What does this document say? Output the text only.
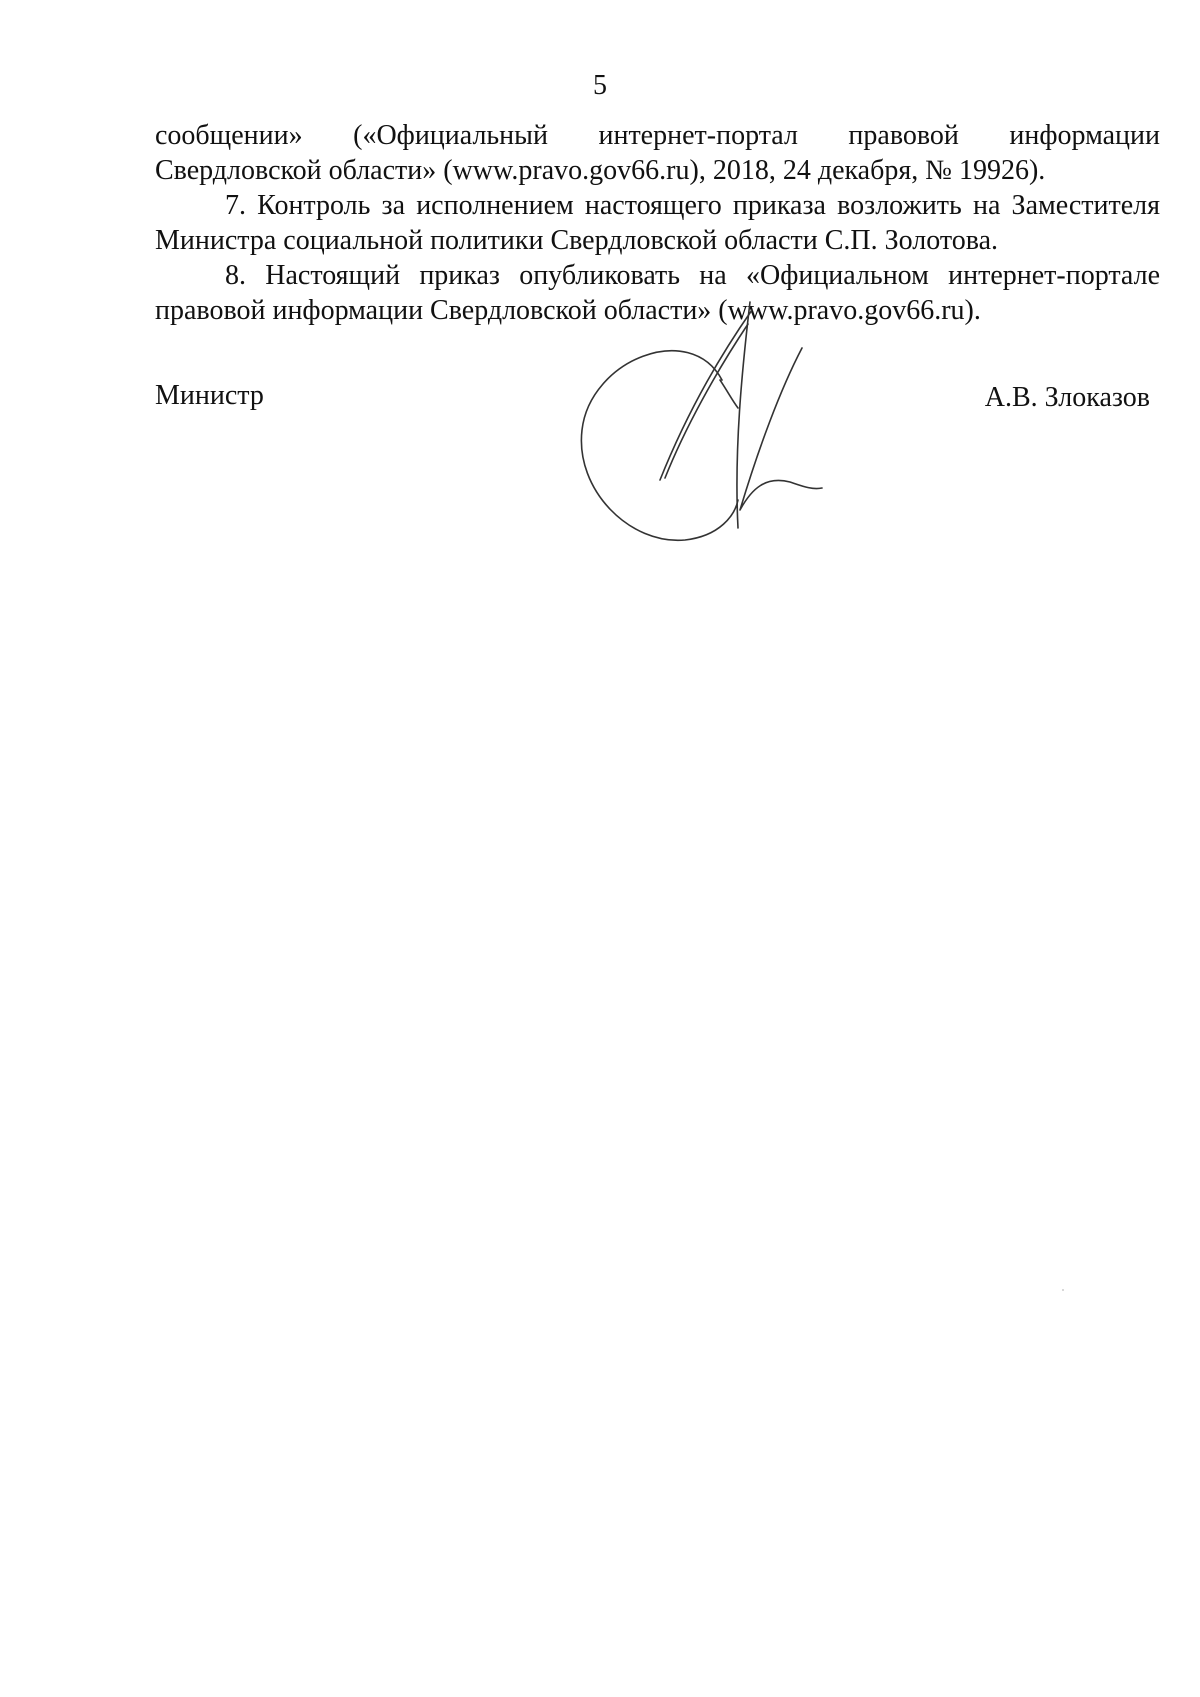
5

сообщении» («Официальный интернет-портал правовой информации

Свердловской области» (www.pravo.gov66.ru), 2018, 24 декабря, № 19926).

7. Контроль за исполнением настоящего приказа возложить на Заместителя Министра социальной политики Свердловской области С.П. Золотова.

8. Настоящий приказ опубликовать на «Официальном интернет-портале правовой информации Свердловской области» (www.pravo.gov66.ru).

Министр	А.В. Злоказов
